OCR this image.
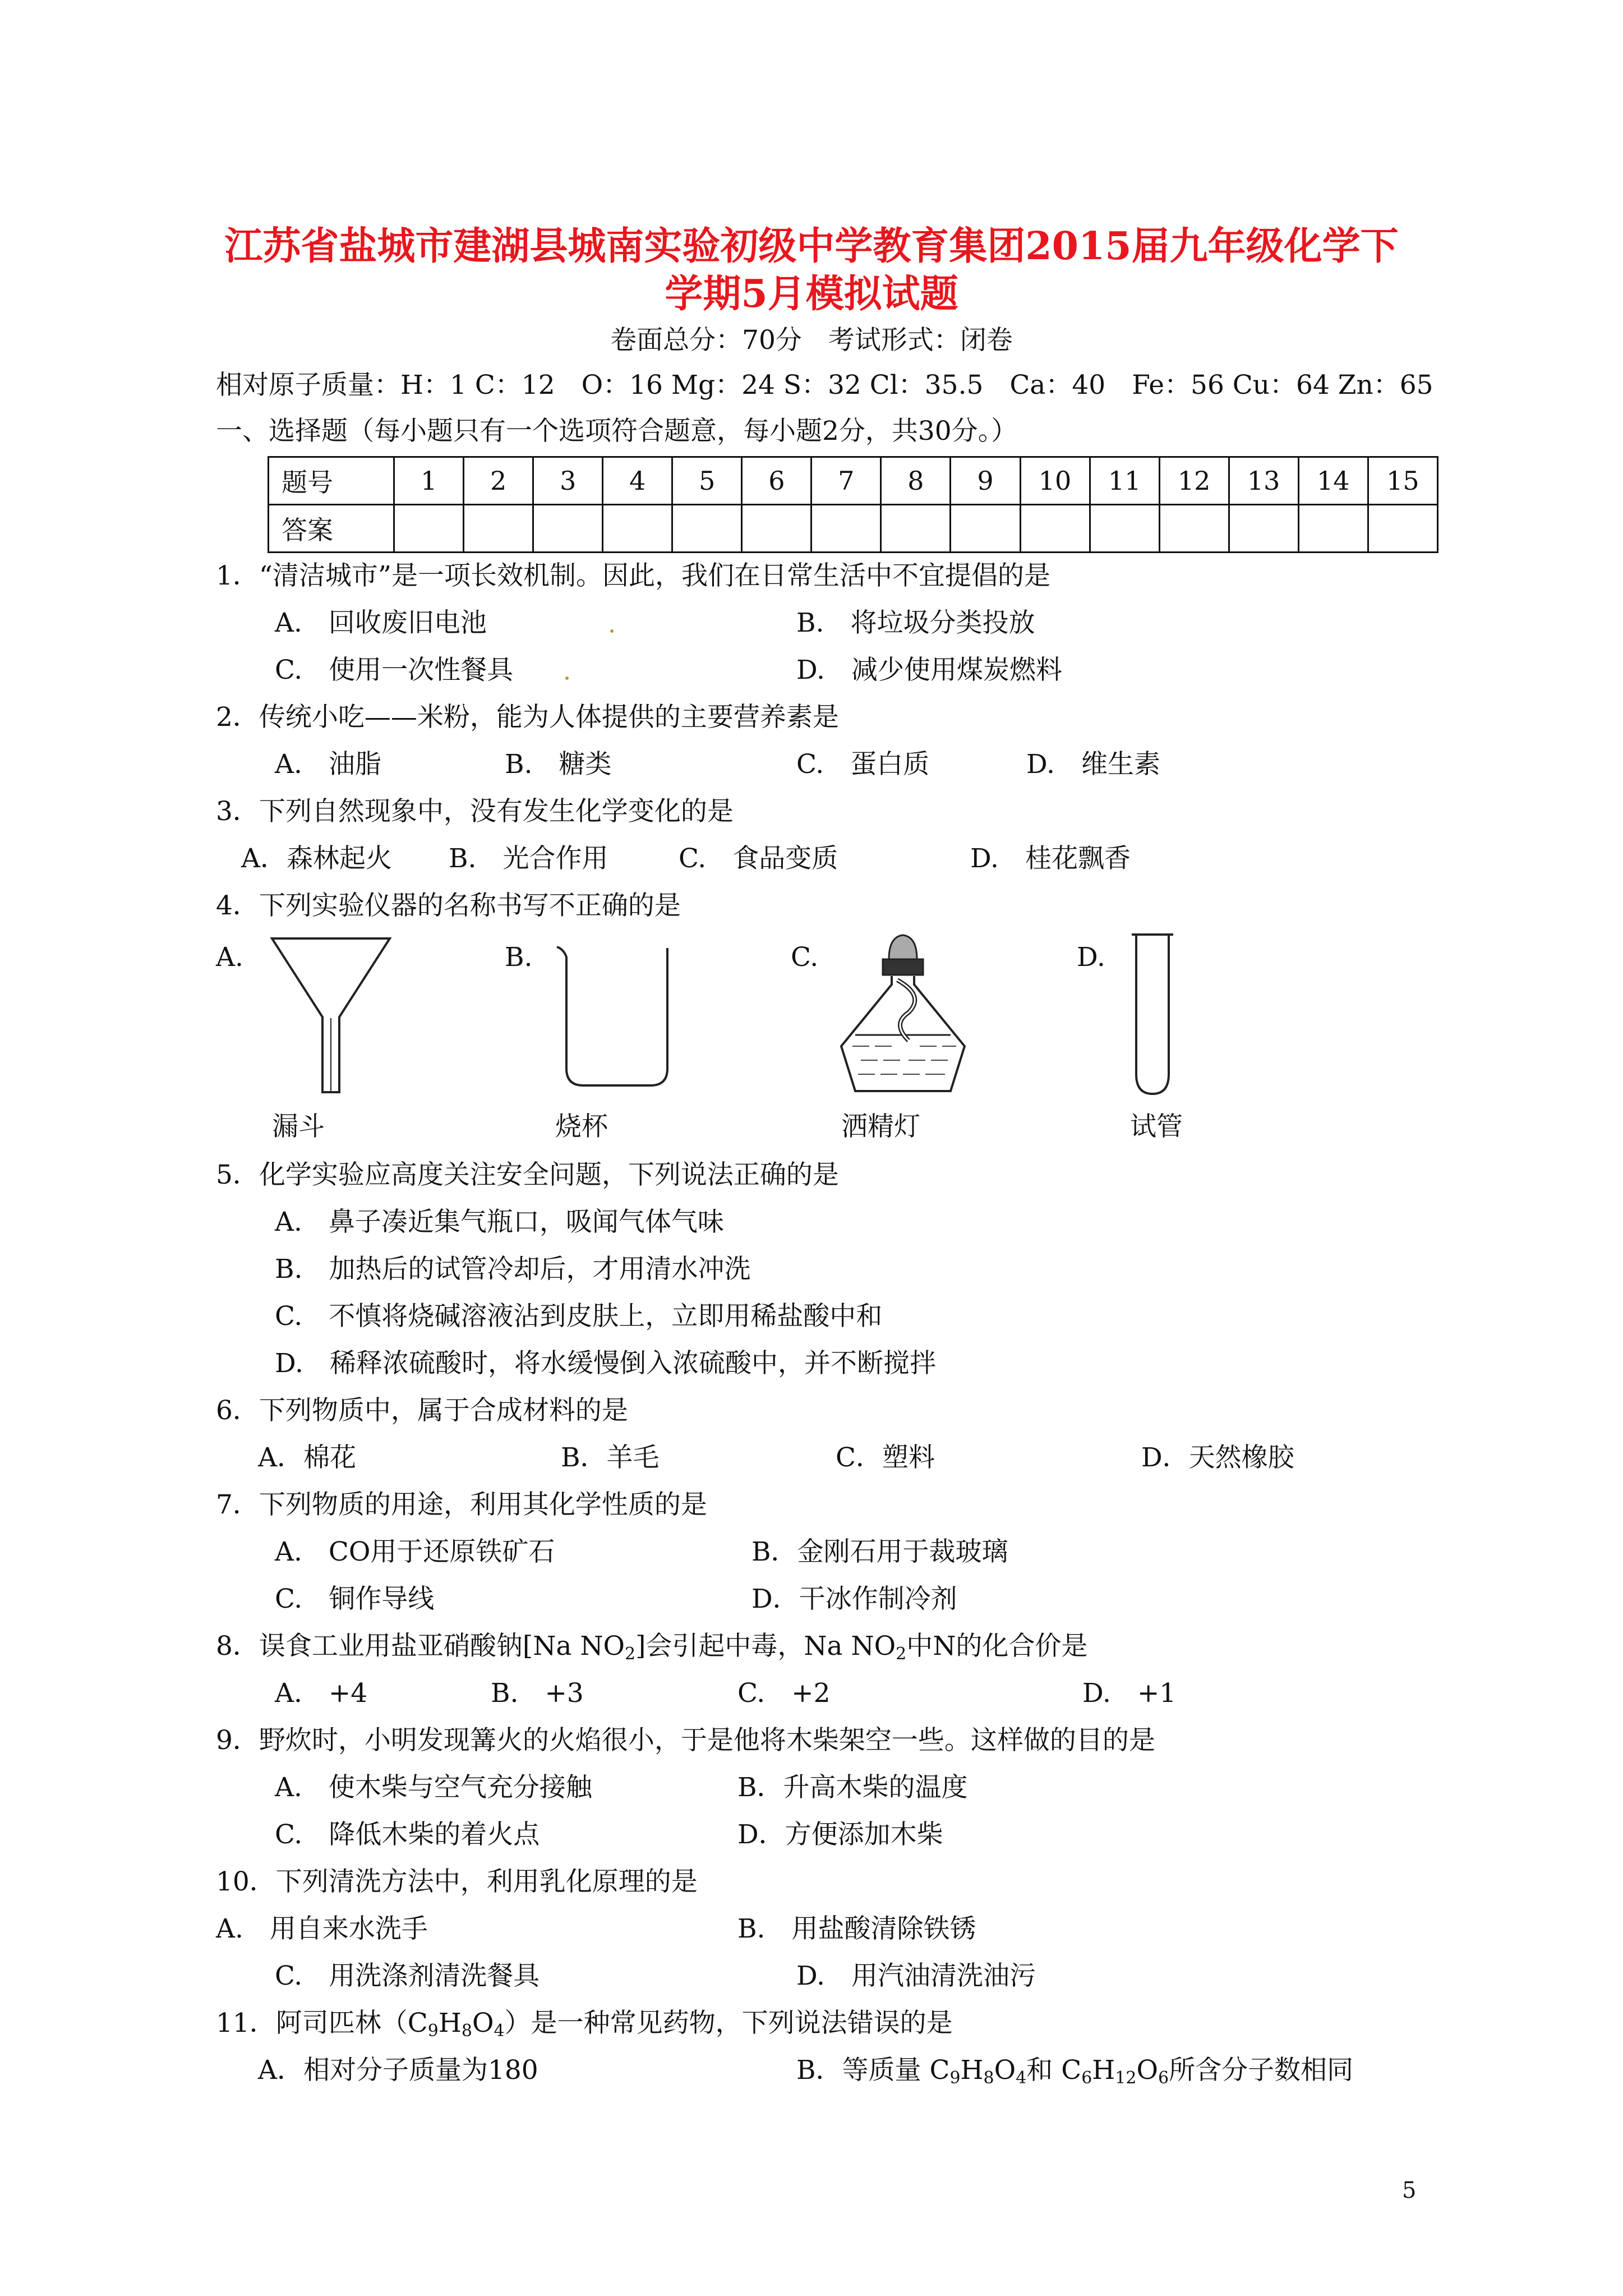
江苏省盐城市建湖县城南实验初级中学教育集团2015届九年级化学下
学期5月模拟试题
卷面总分：70分　考试形式：闭卷
相对原子质量：H：1 C：12　O：16 Mg：24 S：32 Cl：35.5　Ca：40　Fe：56 Cu：64 Zn：65
一、选择题（每小题只有一个选项符合题意，每小题2分，共30分。）
题号	1	2	3	4	5	6	7	8	9	10	11	12	13	14	15
答案															
1．“清洁城市”是一项长效机制。因此，我们在日常生活中不宜提倡的是
A.　回收废旧电池	B.　将垃圾分类投放
C.　使用一次性餐具	D.　减少使用煤炭燃料
2．传统小吃——米粉，能为人体提供的主要营养素是
A.　油脂	B.　糖类	C.　蛋白质	D.　维生素
3．下列自然现象中，没有发生化学变化的是
A．森林起火 B.　光合作用	C.　食品变质	D.　桂花飘香
4．下列实验仪器的名称书写不正确的是
A.	B.	C.	D.
漏斗	烧杯	洒精灯	试管
5．化学实验应高度关注安全问题，下列说法正确的是
A.　鼻子凑近集气瓶口，吸闻气体气味
B.　加热后的试管冷却后，才用清水冲洗
C.　不慎将烧碱溶液沾到皮肤上，立即用稀盐酸中和
D.　稀释浓硫酸时，将水缓慢倒入浓硫酸中，并不断搅拌
6．下列物质中，属于合成材料的是
A．棉花	B．羊毛	C．塑料	D．天然橡胶
7．下列物质的用途，利用其化学性质的是
A.　CO用于还原铁矿石	B．金刚石用于裁玻璃
C.　铜作导线	D．干冰作制冷剂
8．误食工业用盐亚硝酸钠[Na $NO_2$]会引起中毒，Na $NO_2$中N的化合价是
A.　+4	B.　+3	C.　+2	D.　+1
9．野炊时，小明发现篝火的火焰很小，于是他将木柴架空一些。这样做的目的是
A.　使木柴与空气充分接触	B．升高木柴的温度
C.　降低木柴的着火点	D．方便添加木柴
10．下列清洗方法中，利用乳化原理的是
A.　用自来水洗手	B.　用盐酸清除铁锈
C.　用洗涤剂清洗餐具	D.　用汽油清洗油污
11．阿司匹林$(C_9H_8O_4)$是一种常见药物，下列说法错误的是
A．相对分子质量为180	B．等质量 $C_9H_8O_4$和 $C_6H_{12}O_6$所含分子数相同
5
